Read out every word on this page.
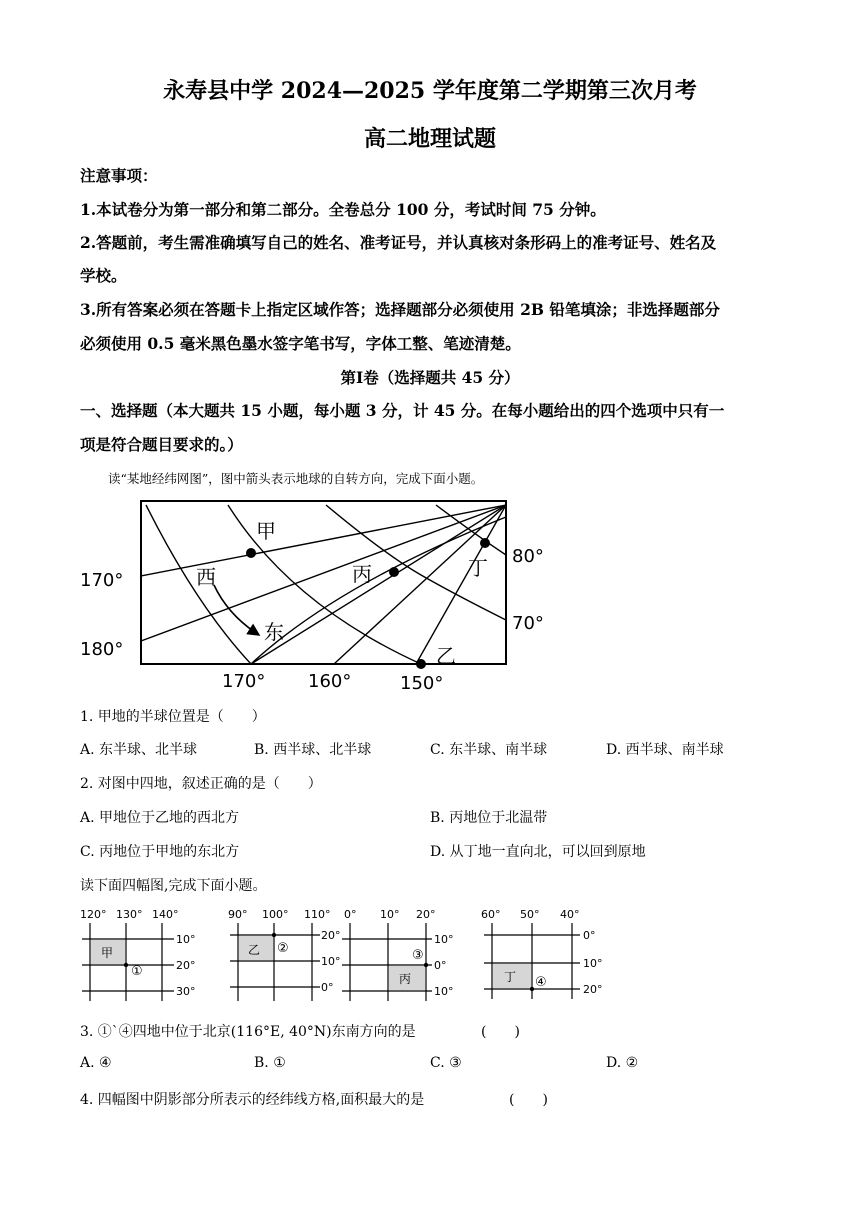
永寿县中学 2024—2025 学年度第二学期第三次月考
高二地理试题
注意事项：
1.本试卷分为第一部分和第二部分。全卷总分 100 分，考试时间 75 分钟。
2.答题前，考生需准确填写自己的姓名、准考证号，并认真核对条形码上的准考证号、姓名及
学校。
3.所有答案必须在答题卡上指定区域作答；选择题部分必须使用 2B 铅笔填涂；非选择题部分
必须使用 0.5 毫米黑色墨水签字笔书写，字体工整、笔迹清楚。
第Ⅰ卷（选择题共 45 分）
一、选择题（本大题共 15 小题，每小题 3 分，计 45 分。在每小题给出的四个选项中只有一
项是符合题目要求的。）
读“某地经纬网图”，图中箭头表示地球的自转方向，完成下面小题。
甲
西
东
丙	丁
乙
80°
70°
170°
180°
170° 160°	150°
1. 甲地的半球位置是（　　）
A. 东半球、北半球	B. 西半球、北半球	C. 东半球、南半球	D. 西半球、南半球
2. 对图中四地，叙述正确的是（　　）
A. 甲地位于乙地的西北方	B. 丙地位于北温带
C. 丙地位于甲地的东北方	D. 从丁地一直向北，可以回到原地
读下面四幅图,完成下面小题。
120° 130° 140°
10°
20°
30°
甲
①
90° 100° 110°
20°
10°
0°
乙 ②
0° 10° 20°
10°
0°
10°
丙
③
60° 50° 40°
0°
10°
20°
丁 ④
3. ①`④四地中位于北京(116°E, 40°N)东南方向的是	(　　)
A. ④	B. ①	C. ③	D. ②
4. 四幅图中阴影部分所表示的经纬线方格,面积最大的是	(　　)
